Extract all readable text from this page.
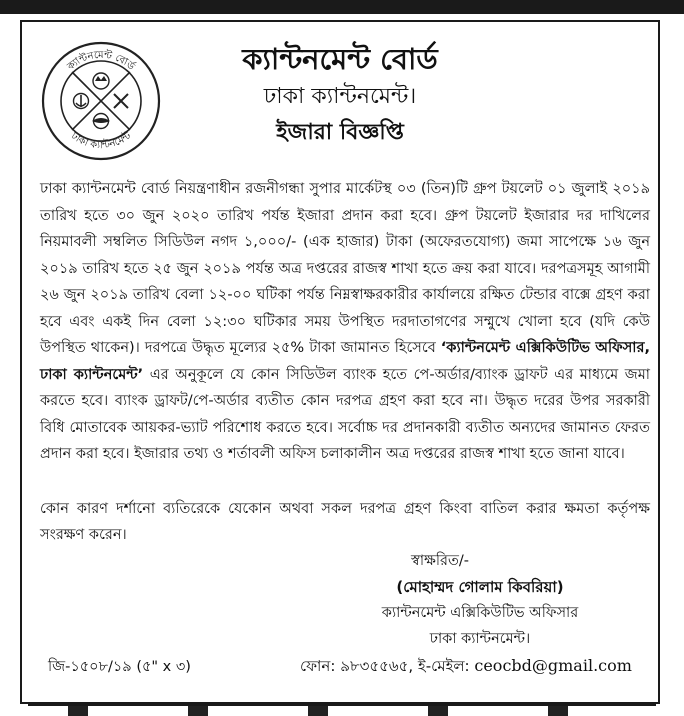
ক্যান্টনমেন্ট বোর্ড
ঢাকা ক্যান্টনমেন্ট

ক্যান্টনমেন্ট বোর্ড

ঢাকা ক্যান্টনমেন্ট।

ইজারা বিজ্ঞপ্তি

ঢাকা ক্যান্টনমেন্ট বোর্ড নিয়ন্ত্রণাধীন রজনীগন্ধা সুপার মার্কেটস্থ ০৩ (তিন)টি গ্রুপ টয়লেট ০১ জুলাই ২০১৯ তারিখ হতে ৩০ জুন ২০২০ তারিখ পর্যন্ত ইজারা প্রদান করা হবে। গ্রুপ টয়লেট ইজারার দর দাখিলের নিয়মাবলী সম্বলিত সিডিউল নগদ ১,০০০/- (এক হাজার) টাকা (অফেরতযোগ্য) জমা সাপেক্ষে ১৬ জুন ২০১৯ তারিখ হতে ২৫ জুন ২০১৯ পর্যন্ত অত্র দপ্তরের রাজস্ব শাখা হতে ক্রয় করা যাবে। দরপত্রসমূহ আগামী ২৬ জুন ২০১৯ তারিখ বেলা ১২-০০ ঘটিকা পর্যন্ত নিম্নস্বাক্ষরকারীর কার্যালয়ে রক্ষিত টেন্ডার বাক্সে গ্রহণ করা হবে এবং একই দিন বেলা ১২:৩০ ঘটিকার সময় উপস্থিত দরদাতাগণের সম্মুখে খোলা হবে (যদি কেউ উপস্থিত থাকেন)। দরপত্রে উদ্ধৃত মূল্যের ২৫% টাকা জামানত হিসেবে ‘ক্যান্টনমেন্ট এক্সিকিউটিভ অফিসার, ঢাকা ক্যান্টনমেন্ট’ এর অনুকূলে যে কোন সিডিউল ব্যাংক হতে পে-অর্ডার/ব্যাংক ড্রাফট এর মাধ্যমে জমা করতে হবে। ব্যাংক ড্রাফট/পে-অর্ডার ব্যতীত কোন দরপত্র গ্রহণ করা হবে না। উদ্ধৃত দরের উপর সরকারী বিধি মোতাবেক আয়কর-ভ্যাট পরিশোধ করতে হবে। সর্বোচ্চ দর প্রদানকারী ব্যতীত অন্যদের জামানত ফেরত প্রদান করা হবে। ইজারার তথ্য ও শর্তাবলী অফিস চলাকালীন অত্র দপ্তরের রাজস্ব শাখা হতে জানা যাবে।

কোন কারণ দর্শানো ব্যতিরেকে যেকোন অথবা সকল দরপত্র গ্রহণ কিংবা বাতিল করার ক্ষমতা কর্তৃপক্ষ সংরক্ষণ করেন।

স্বাক্ষরিত/-
(মোহাম্মদ গোলাম কিবরিয়া)
ক্যান্টনমেন্ট এক্সিকিউটিভ অফিসার
ঢাকা ক্যান্টনমেন্ট।
জি-১৫০৮/১৯ (৫" x ৩)	ফোন: ৯৮৩৫৫৬৫, ই-মেইল: ceocbd@gmail.com
